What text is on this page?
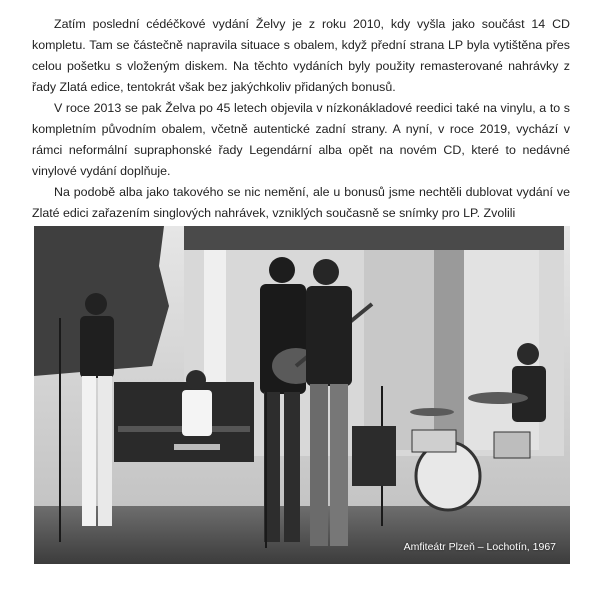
Zatím poslední cédéčkové vydání Želvy je z roku 2010, kdy vyšla jako součást 14 CD kompletu. Tam se částečně napravila situace s obalem, když přední strana LP byla vytištěna přes celou pošetku s vloženým diskem. Na těchto vydáních byly použity remasterované nahrávky z řady Zlatá edice, tentokrát však bez jakýchkoliv přidaných bonusů.

V roce 2013 se pak Želva po 45 letech objevila v nízkonákladové reedici také na vinylu, a to s kompletním původním obalem, včetně autentické zadní strany. A nyní, v roce 2019, vychází v rámci neformální supraphonské řady Legendární alba opět na novém CD, které to nedávné vinylové vydání doplňuje.

Na podobě alba jako takového se nic nemění, ale u bonusů jsme nechtěli dublovat vydání ve Zlaté edici zařazením singlových nahrávek, vzniklých současně se snímky pro LP. Zvolili

Amfiteátr Plzeň – Lochotín, 1967
